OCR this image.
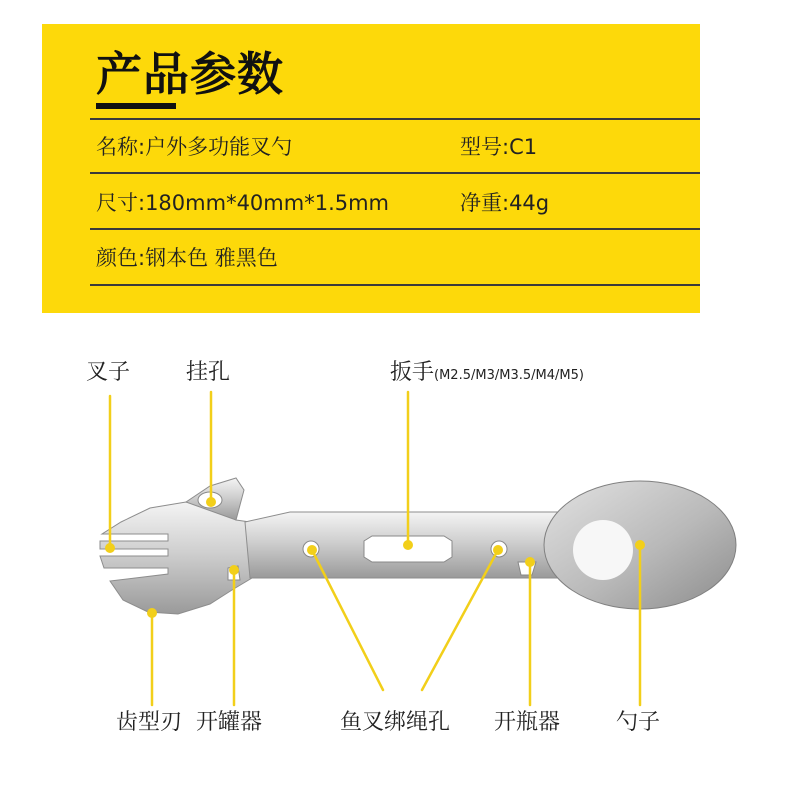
产品参数
名称:户外多功能叉勺	型号:C1
尺寸:180mm*40mm*1.5mm	净重:44g
颜色:钢本色 雅黑色
叉子	挂孔	扳手(M2.5/M3/M3.5/M4/M5)
齿型刃 开罐器	鱼叉绑绳孔 开瓶器	勺子
